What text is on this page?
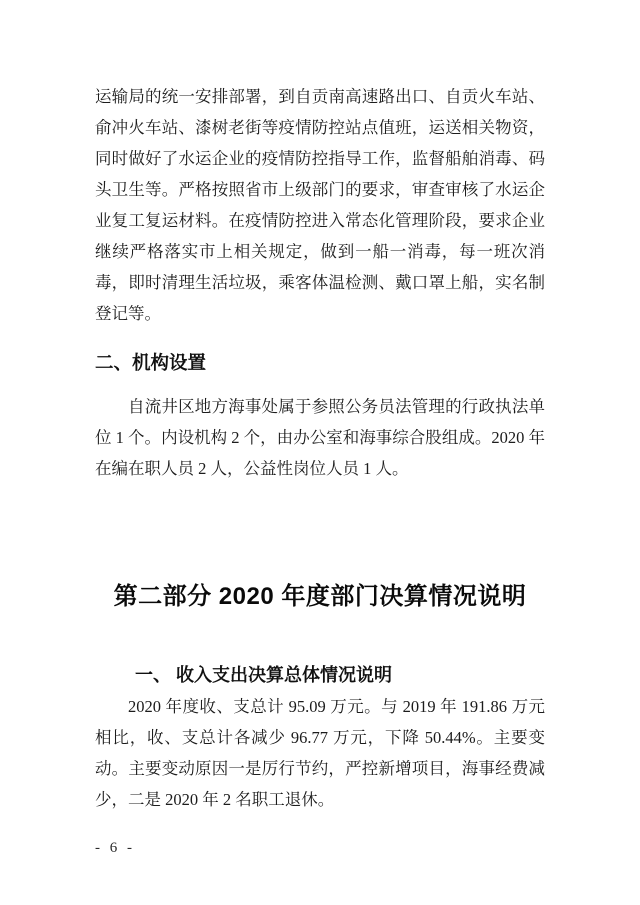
运输局的统一安排部署，到自贡南高速路出口、自贡火车站、俞冲火车站、漆树老街等疫情防控站点值班，运送相关物资，同时做好了水运企业的疫情防控指导工作，监督船舶消毒、码头卫生等。严格按照省市上级部门的要求，审查审核了水运企业复工复运材料。在疫情防控进入常态化管理阶段，要求企业继续严格落实市上相关规定，做到一船一消毒，每一班次消毒，即时清理生活垃圾，乘客体温检测、戴口罩上船，实名制登记等。

二、机构设置

自流井区地方海事处属于参照公务员法管理的行政执法单位 1 个。内设机构 2 个，由办公室和海事综合股组成。2020 年在编在职人员 2 人，公益性岗位人员 1 人。

第二部分 2020 年度部门决算情况说明
一、 收入支出决算总体情况说明

2020 年度收、支总计 95.09 万元。与 2019 年 191.86 万元相比，收、支总计各减少 96.77 万元，下降 50.44%。主要变动。主要变动原因一是厉行节约，严控新增项目，海事经费减少，二是 2020 年 2 名职工退休。

- 6 -
